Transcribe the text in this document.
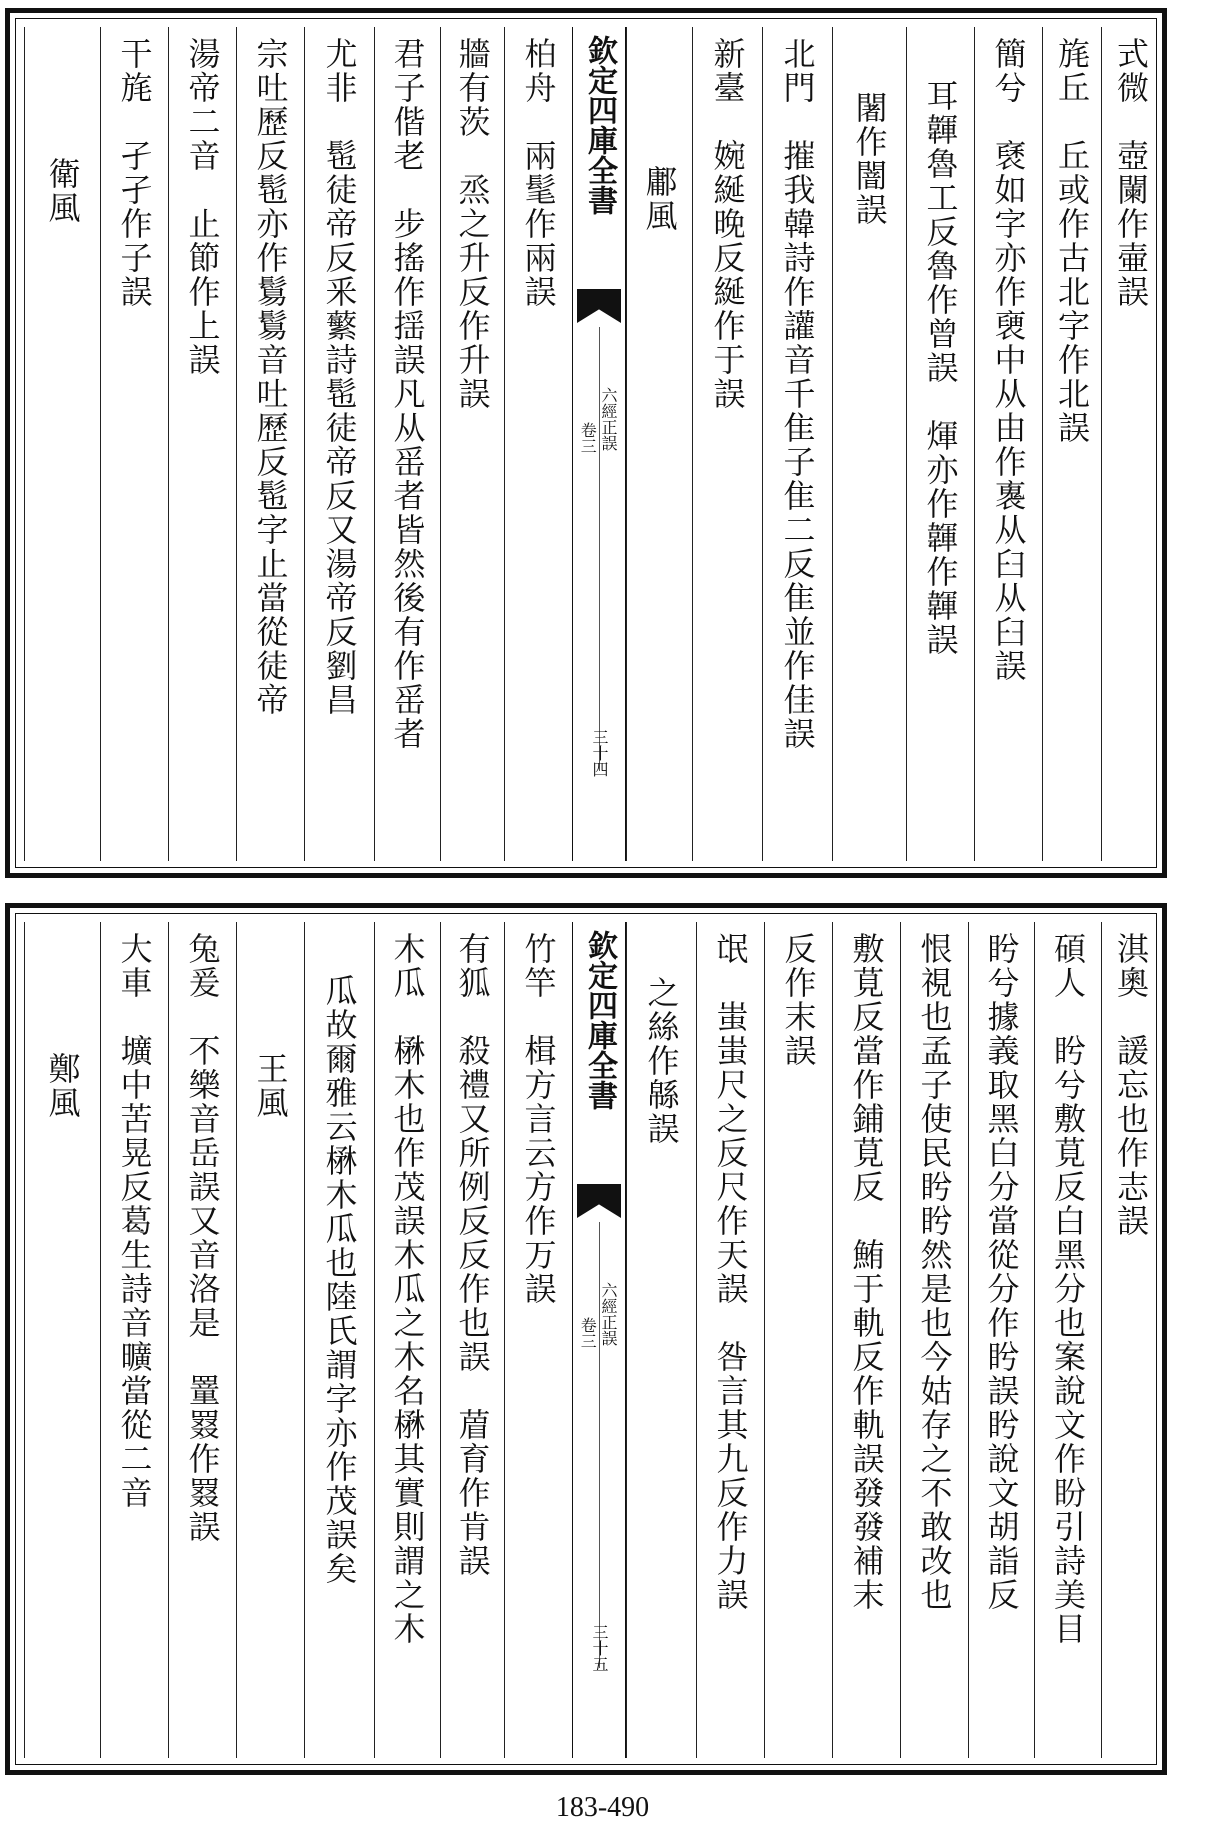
式微　壺闌作壷誤
旄丘　丘或作古北字作北誤
簡兮　褎如字亦作褏中从由作褢从臼从臼誤
耳韗魯工反魯作曾誤　煇亦作韗作韗誤
闍作闇誤
北門　摧我韓詩作讙音千隹子隹二反隹並作佳誤
新臺　婉綖晚反綖作于誤
鄘風
欽定四庫全書
六經正誤
卷三
三十四
柏舟　兩髦作兩誤
牆有茨　烝之升反作升誤
君子偕老　步搖作揺誤凡从䍃者皆然後有作䍃者
尤非　髢徒帝反釆蘩詩髢徒帝反又湯帝反劉昌
宗吐歷反髢亦作鬄鬄音吐歷反髢字止當從徒帝
湯帝二音　止節作上誤
干旄　孑孑作子誤
衛風
淇奧　諼忘也作志誤
碩人　盻兮敷莧反白黑分也案說文作盼引詩美目
盻兮據義取黑白分當從分作盻誤盻說文胡詣反
恨視也孟子使民盻盻然是也今姑存之不敢改也
敷莧反當作鋪莧反　鮪于軌反作軌誤發發補末
反作末誤
氓　蚩蚩尺之反尺作天誤　咎言其九反作力誤
之絲作緜誤
欽定四庫全書
六經正誤
卷三
三十五
竹竿　楫方言云方作万誤
有狐　殺禮又所例反反作也誤　葿育作肯誤
木瓜　楙木也作茂誤木瓜之木名楙其實則謂之木
瓜故爾雅云楙木瓜也陸氏謂字亦作茂誤矣
王風
兔爰　不樂音岳誤又音洛是　罿罬作罬誤
大車　壙中苦晃反葛生詩音曠當從二音
鄭風
183-490
